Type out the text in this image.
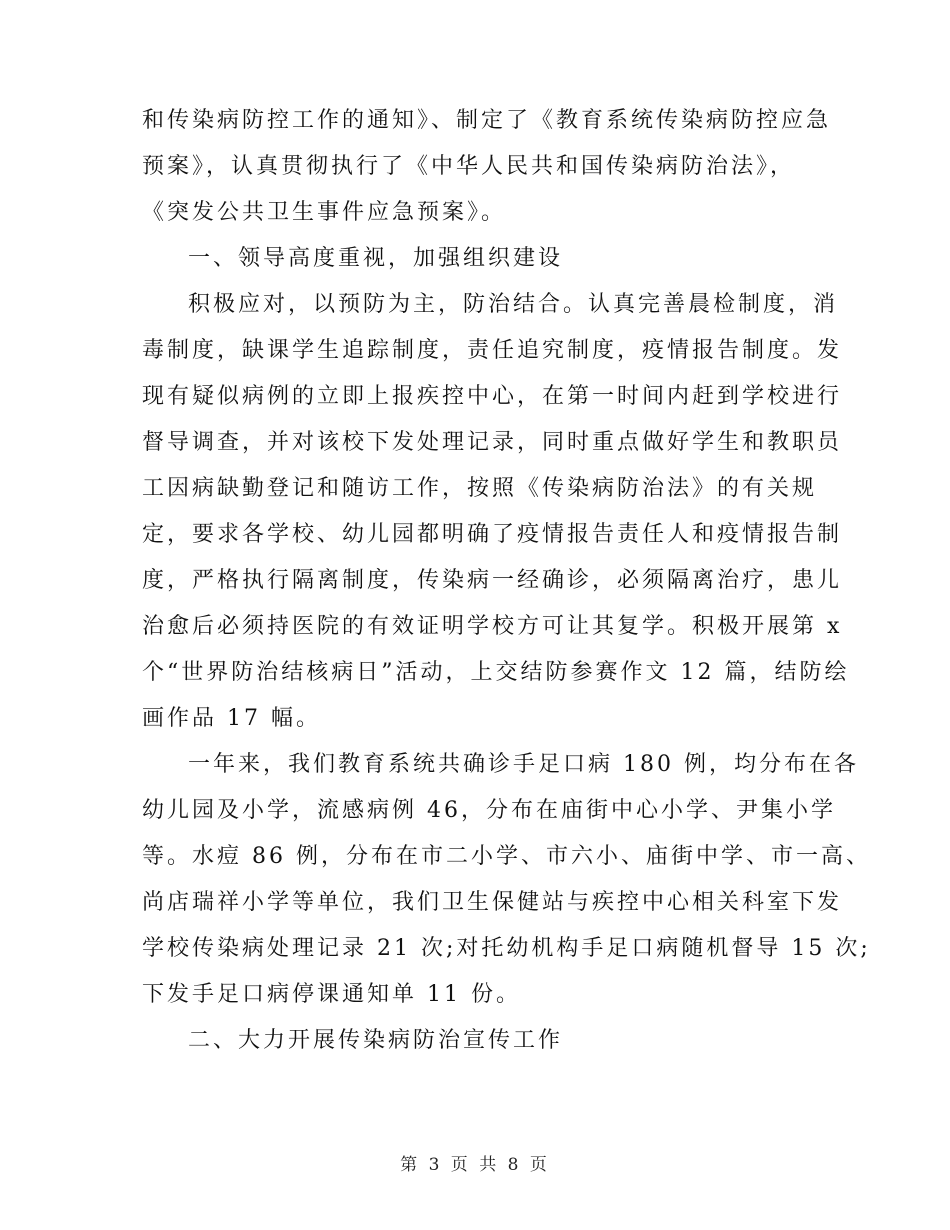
和传染病防控工作的通知》、制定了《教育系统传染病防控应急
预案》，认真贯彻执行了《中华人民共和国传染病防治法》，
《突发公共卫生事件应急预案》。
一、领导高度重视，加强组织建设
积极应对，以预防为主，防治结合。认真完善晨检制度，消
毒制度，缺课学生追踪制度，责任追究制度，疫情报告制度。发
现有疑似病例的立即上报疾控中心，在第一时间内赶到学校进行
督导调查，并对该校下发处理记录，同时重点做好学生和教职员
工因病缺勤登记和随访工作，按照《传染病防治法》的有关规
定，要求各学校、幼儿园都明确了疫情报告责任人和疫情报告制
度，严格执行隔离制度，传染病一经确诊，必须隔离治疗，患儿
治愈后必须持医院的有效证明学校方可让其复学。积极开展第 x
个“世界防治结核病日”活动，上交结防参赛作文 12 篇，结防绘
画作品 17 幅。
一年来，我们教育系统共确诊手足口病 180 例，均分布在各
幼儿园及小学，流感病例 46，分布在庙街中心小学、尹集小学
等。水痘 86 例，分布在市二小学、市六小、庙街中学、市一高、
尚店瑞祥小学等单位，我们卫生保健站与疾控中心相关科室下发
学校传染病处理记录 21 次;对托幼机构手足口病随机督导 15 次;
下发手足口病停课通知单 11 份。
二、大力开展传染病防治宣传工作
第 3 页 共 8 页
